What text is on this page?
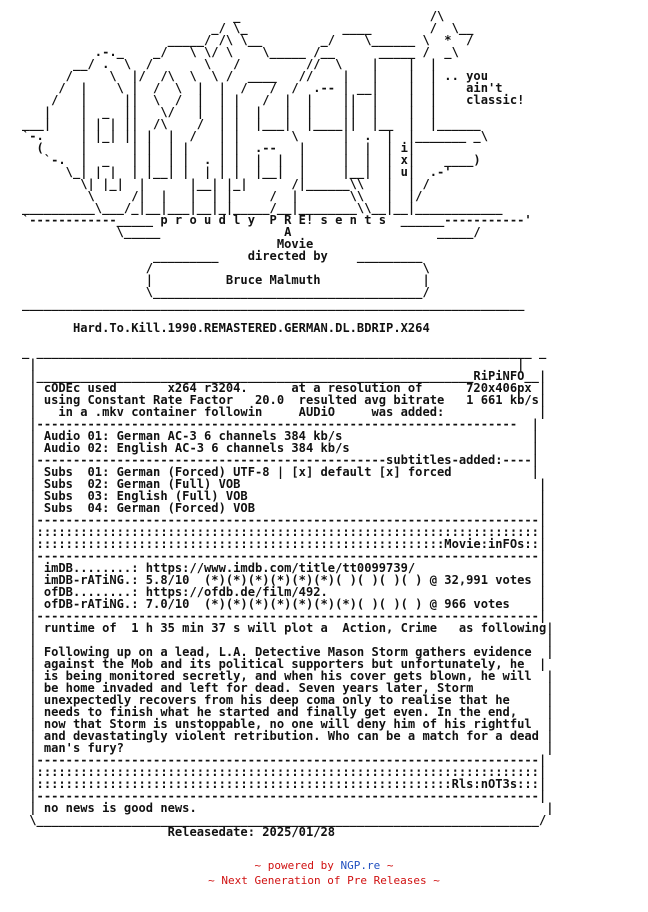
_                          /\
_/ \_             ____        /  \__
_____/ /\ \__        _/    \______ \  *  /
.-._    _/   \ \/ \    \_____ /__      _____ /  _\
__/ .  \  /       \   /         //  \    |    |  |
/     \  |/  /\  \  \ /  ____   //    |   |    |  | .. you
/  |    \ |  /  \  |  |  /   /  /  .-- | __|    |  |    ain't
/   |     ||  \  /  |  | |   /  |  |    ||  |    |  |    classic!
|    |  _  ||   \/   |  | |  |   |  |    ||  |    |  |
___|    | | | ||  /\    /  | |  |___|  |____||  |__  |  |______
`-.     | |_| || |  |  /   | |       \      |  .  |  |_______ _\
(     |      | |  | |    | |  .--   |     |  |  | i|
`-.  |  _   | |  | |  . | |  |  |  |     |  |  | x|    ____)
\_| | |  | |__| |  | | |  |__|  |     |__|  | u|  .-'
\| |_|  |      |__| |_|      /|______\\   |  | /
\     /|  |   |  | |     /  |       \\   |  |/
__________\___/_|__|___|__|_|_____/__|________\\__|__|____________
`------------_____ p r o u d l y  P R E! s e n t s  ______-----------'
\_____                 A                    _____/
Movie
_________    directed by    _________
/                                     \
|          Bruce Malmuth              |
\_____________________________________/
_____________________________________________________________________

Hard.To.Kill.1990.REMASTERED.GERMAN.DL.BDRIP.X264

_ ____________________________________________________________________ _
|                                                                  |
|____________________________________________________________RiPiNFO__|
| cODEc used       x264 r3204.      at a resolution of      720x406px |
| using Constant Rate Factor   20.0  resulted avg bitrate   1 661 kb/s|
|   in a .mkv container followin     AUDiO     was added:             |
|------------------------------------------------------------------  |
| Audio 01: German AC-3 6 channels 384 kb/s                          |
| Audio 02: English AC-3 6 channels 384 kb/s                         |
|------------------------------------------------subtitles-added:----|
| Subs  01: German (Forced) UTF-8 | [x] default [x] forced           |
| Subs  02: German (Full) VOB                                         |
| Subs  03: English (Full) VOB                                        |
| Subs  04: German (Forced) VOB                                       |
|---------------------------------------------------------------------|
|:::::::::::::::::::::::::::::::::::::::::::::::::::::::::::::::::::::|
|::::::::::::::::::::::::::::::::::::::::::::::::::::::::Movie:inFOs::|
|---------------------------------------------------------------------|
| imDB........: https://www.imdb.com/title/tt0099739/                 |
| imDB-rATiNG.: 5.8/10  (*)(*)(*)(*)(*)(*)( )( )( )( ) @ 32,991 votes |
| ofDB........: https://ofdb.de/film/492.                             |
| ofDB-rATiNG.: 7.0/10  (*)(*)(*)(*)(*)(*)(*)( )( )( ) @ 966 votes    |
|---------------------------------------------------------------------|
| runtime of  1 h 35 min 37 s will plot a  Action, Crime   as following|
|                                                                      |
| Following up on a lead, L.A. Detective Mason Storm gathers evidence  |
| against the Mob and its political supporters but unfortunately, he  |
| is being monitored secretly, and when his cover gets blown, he will  |
| be home invaded and left for dead. Seven years later, Storm          |
| unexpectedly recovers from his deep coma only to realise that he     |
| needs to finish what he started and finally get even. In the end,    |
| now that Storm is unstoppable, no one will deny him of his rightful  |
| and devastatingly violent retribution. Who can be a match for a dead |
| man's fury?                                                          |
|---------------------------------------------------------------------|
|:::::::::::::::::::::::::::::::::::::::::::::::::::::::::::::::::::::|
|:::::::::::::::::::::::::::::::::::::::::::::::::::::::::Rls:nOT3s:::|
|---------------------------------------------------------------------|
| no news is good news.                                                |
\_____________________________________________________________________/
Releasedate: 2025/01/28
~ powered by NGP.re ~
~ Next Generation of Pre Releases ~
